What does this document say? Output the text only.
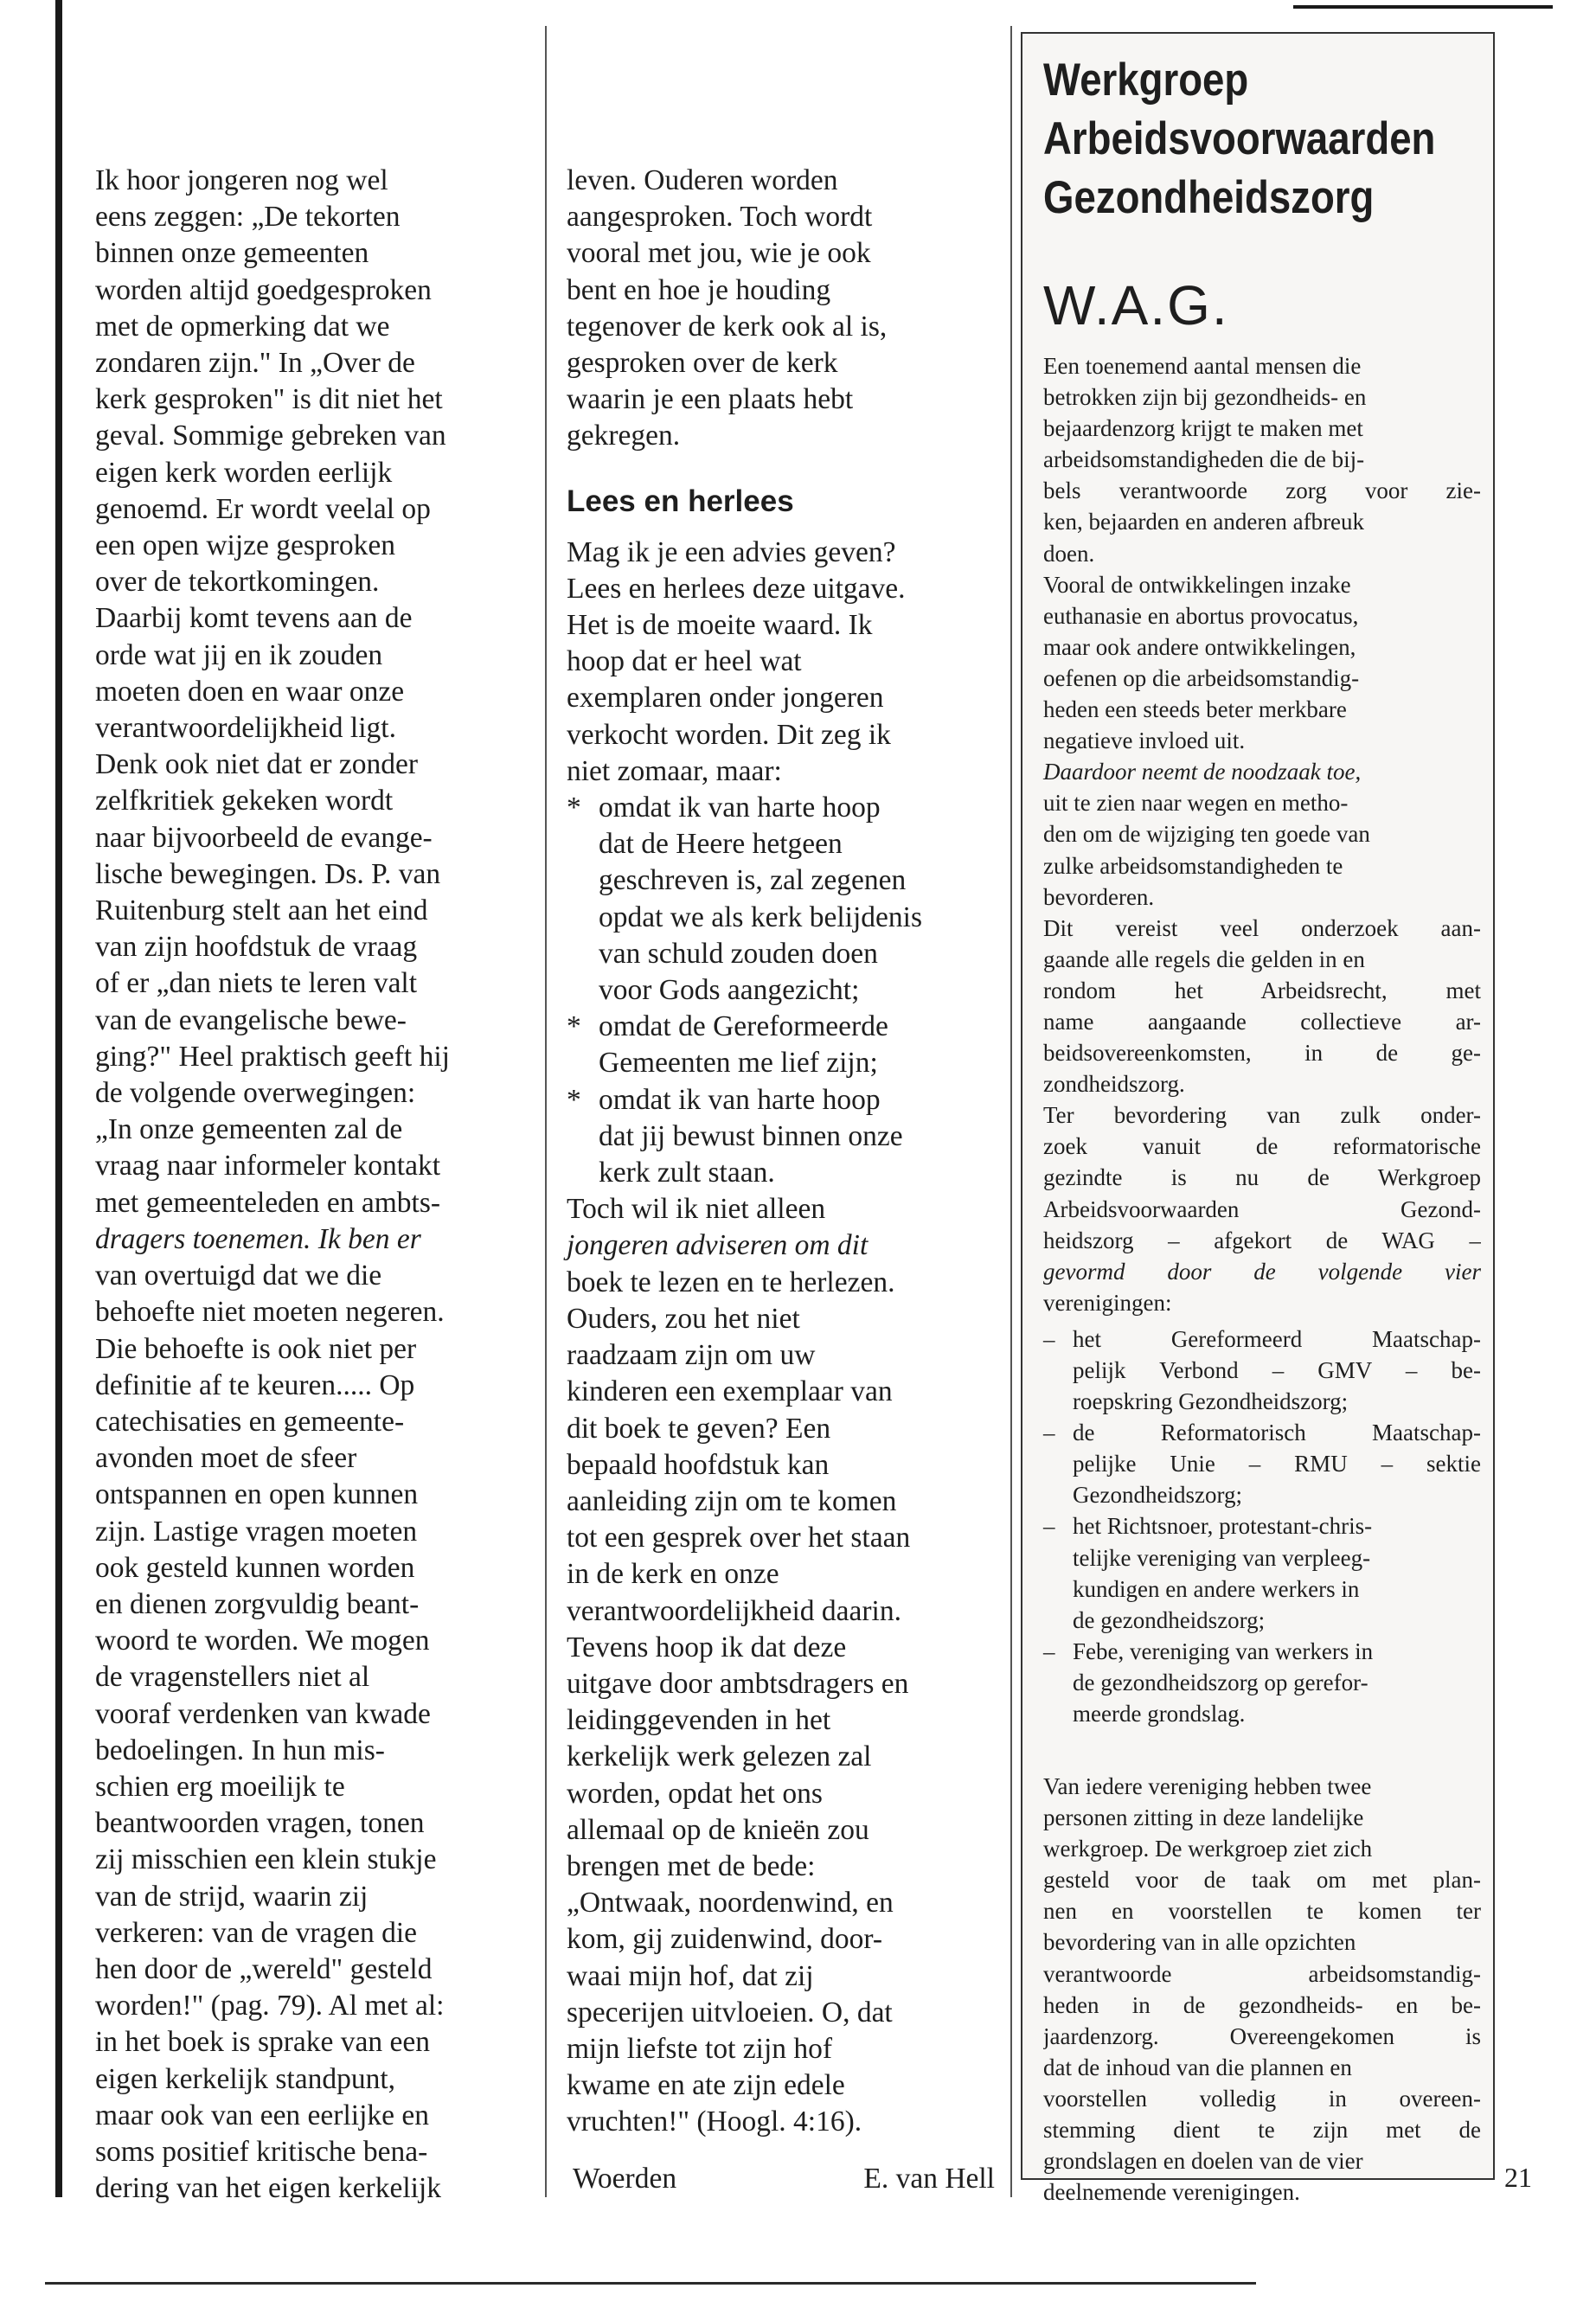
Ik hoor jongeren nog wel
eens zeggen: „De tekorten
binnen onze gemeenten
worden altijd goedgesproken
met de opmerking dat we
zondaren zijn." In „Over de
kerk gesproken" is dit niet het
geval. Sommige gebreken van
eigen kerk worden eerlijk
genoemd. Er wordt veelal op
een open wijze gesproken
over de tekortkomingen.
Daarbij komt tevens aan de
orde wat jij en ik zouden
moeten doen en waar onze
verantwoordelijkheid ligt.
Denk ook niet dat er zonder
zelfkritiek gekeken wordt
naar bijvoorbeeld de evange-
lische bewegingen. Ds. P. van
Ruitenburg stelt aan het eind
van zijn hoofdstuk de vraag
of er „dan niets te leren valt
van de evangelische bewe-
ging?" Heel praktisch geeft hij
de volgende overwegingen:
„In onze gemeenten zal de
vraag naar informeler kontakt
met gemeenteleden en ambts-
dragers toenemen. Ik ben er
van overtuigd dat we die
behoefte niet moeten negeren.
Die behoefte is ook niet per
definitie af te keuren..... Op
catechisaties en gemeente-
avonden moet de sfeer
ontspannen en open kunnen
zijn. Lastige vragen moeten
ook gesteld kunnen worden
en dienen zorgvuldig beant-
woord te worden. We mogen
de vragenstellers niet al
vooraf verdenken van kwade
bedoelingen. In hun mis-
schien erg moeilijk te
beantwoorden vragen, tonen
zij misschien een klein stukje
van de strijd, waarin zij
verkeren: van de vragen die
hen door de „wereld" gesteld
worden!" (pag. 79). Al met al:
in het boek is sprake van een
eigen kerkelijk standpunt,
maar ook van een eerlijke en
soms positief kritische bena-
dering van het eigen kerkelijk
leven. Ouderen worden
aangesproken. Toch wordt
vooral met jou, wie je ook
bent en hoe je houding
tegenover de kerk ook al is,
gesproken over de kerk
waarin je een plaats hebt
gekregen.
Lees en herlees
Mag ik je een advies geven?
Lees en herlees deze uitgave.
Het is de moeite waard. Ik
hoop dat er heel wat
exemplaren onder jongeren
verkocht worden. Dit zeg ik
niet zomaar, maar:
* omdat ik van harte hoop
dat de Heere hetgeen
geschreven is, zal zegenen
opdat we als kerk belijdenis
van schuld zouden doen
voor Gods aangezicht;
* omdat de Gereformeerde
Gemeenten me lief zijn;
* omdat ik van harte hoop
dat jij bewust binnen onze
kerk zult staan.
Toch wil ik niet alleen
jongeren adviseren om dit
boek te lezen en te herlezen.
Ouders, zou het niet
raadzaam zijn om uw
kinderen een exemplaar van
dit boek te geven? Een
bepaald hoofdstuk kan
aanleiding zijn om te komen
tot een gesprek over het staan
in de kerk en onze
verantwoordelijkheid daarin.
Tevens hoop ik dat deze
uitgave door ambtsdragers en
leidinggevenden in het
kerkelijk werk gelezen zal
worden, opdat het ons
allemaal op de knieën zou
brengen met de bede:
„Ontwaak, noordenwind, en
kom, gij zuidenwind, door-
waai mijn hof, dat zij
specerijen uitvloeien. O, dat
mijn liefste tot zijn hof
kwame en ate zijn edele
vruchten!" (Hoogl. 4:16).
Woerden	E. van Hell
Werkgroep
Arbeidsvoorwaarden
Gezondheidszorg
W.A.G.
Een toenemend aantal mensen die
betrokken zijn bij gezondheids- en
bejaardenzorg krijgt te maken met
arbeidsomstandigheden die de bij-
bels verantwoorde zorg voor zie-
ken, bejaarden en anderen afbreuk
doen.
Vooral de ontwikkelingen inzake
euthanasie en abortus provocatus,
maar ook andere ontwikkelingen,
oefenen op die arbeidsomstandig-
heden een steeds beter merkbare
negatieve invloed uit.
Daardoor neemt de noodzaak toe,
uit te zien naar wegen en metho-
den om de wijziging ten goede van
zulke arbeidsomstandigheden te
bevorderen.
Dit vereist veel onderzoek aan-
gaande alle regels die gelden in en
rondom het Arbeidsrecht, met
name aangaande collectieve ar-
beidsovereenkomsten, in de ge-
zondheidszorg.
Ter bevordering van zulk onder-
zoek vanuit de reformatorische
gezindte is nu de Werkgroep
Arbeidsvoorwaarden Gezond-
heidszorg – afgekort de WAG –
gevormd door de volgende vier
verenigingen:
– het Gereformeerd Maatschap-
pelijk Verbond – GMV – be-
roepskring Gezondheidszorg;
– de Reformatorisch Maatschap-
pelijke Unie – RMU – sektie
Gezondheidszorg;
– het Richtsnoer, protestant-chris-
telijke vereniging van verpleeg-
kundigen en andere werkers in
de gezondheidszorg;
– Febe, vereniging van werkers in
de gezondheidszorg op gerefor-
meerde grondslag.
Van iedere vereniging hebben twee
personen zitting in deze landelijke
werkgroep. De werkgroep ziet zich
gesteld voor de taak om met plan-
nen en voorstellen te komen ter
bevordering van in alle opzichten
verantwoorde arbeidsomstandig-
heden in de gezondheids- en be-
jaardenzorg. Overeengekomen is
dat de inhoud van die plannen en
voorstellen volledig in overeen-
stemming dient te zijn met de
grondslagen en doelen van de vier
deelnemende verenigingen.	21
